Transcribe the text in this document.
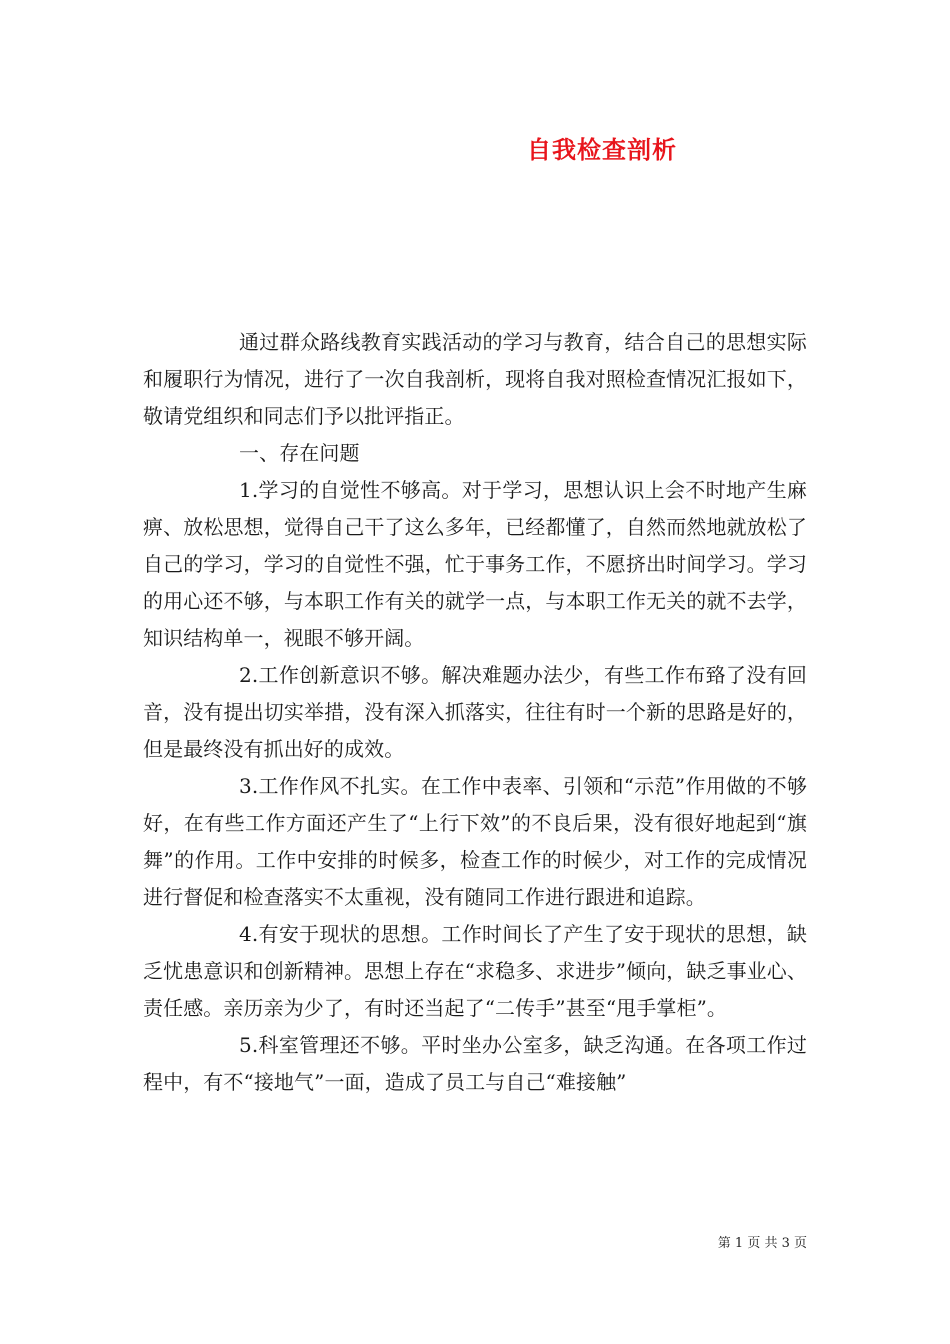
自我检查剖析

通过群众路线教育实践活动的学习与教育，结合自己的思想实际和履职行为情况，进行了一次自我剖析，现将自我对照检查情况汇报如下，敬请党组织和同志们予以批评指正。

一、存在问题

1.学习的自觉性不够高。对于学习，思想认识上会不时地产生麻痹、放松思想，觉得自己干了这么多年，已经都懂了，自然而然地就放松了自己的学习，学习的自觉性不强，忙于事务工作，不愿挤出时间学习。学习的用心还不够，与本职工作有关的就学一点，与本职工作无关的就不去学，知识结构单一，视眼不够开阔。

2.工作创新意识不够。解决难题办法少，有些工作布臵了没有回音，没有提出切实举措，没有深入抓落实，往往有时一个新的思路是好的，但是最终没有抓出好的成效。

3.工作作风不扎实。在工作中表率、引领和“示范”作用做的不够好，在有些工作方面还产生了“上行下效”的不良后果，没有很好地起到“旗舞”的作用。工作中安排的时候多，检查工作的时候少，对工作的完成情况进行督促和检查落实不太重视，没有随同工作进行跟进和追踪。

4.有安于现状的思想。工作时间长了产生了安于现状的思想，缺乏忧患意识和创新精神。思想上存在“求稳多、求进步”倾向，缺乏事业心、责任感。亲历亲为少了，有时还当起了“二传手”甚至“甩手掌柜”。

5.科室管理还不够。平时坐办公室多，缺乏沟通。在各项工作过程中，有不“接地气”一面，造成了员工与自己“难接触”

第 1 页 共 3 页
